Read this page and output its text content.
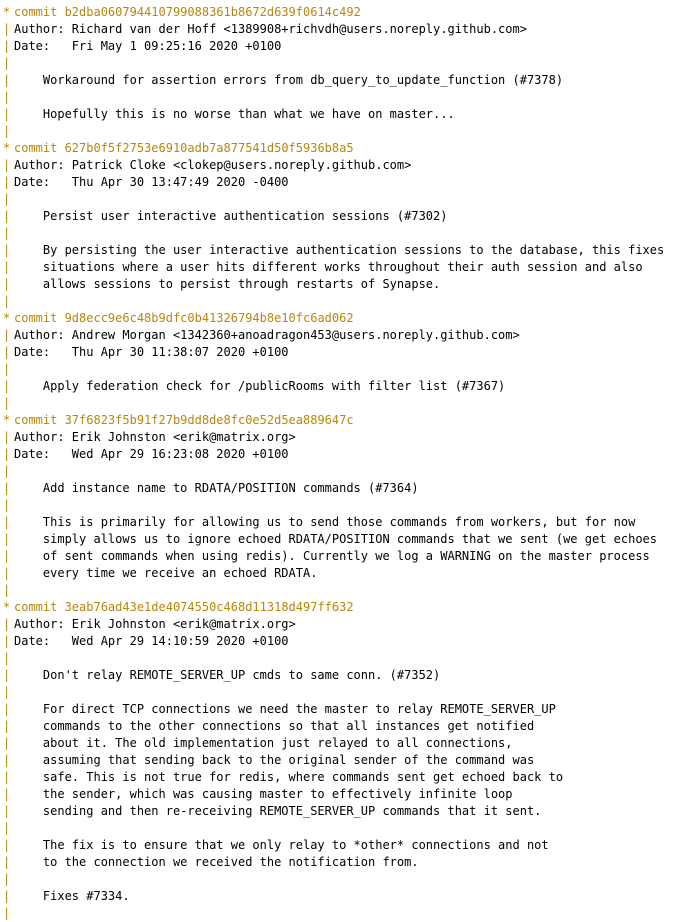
* commit b2dba060794410799088361b8672d639f0614c492
| Author: Richard van der Hoff <1389908+richvdh@users.noreply.github.com>
| Date:   Fri May 1 09:25:16 2020 +0100
|
| Workaround for assertion errors from db_query_to_update_function (#7378)
|
| Hopefully this is no worse than what we have on master...
|
* commit 627b0f5f2753e6910adb7a877541d50f5936b8a5
| Author: Patrick Cloke <clokep@users.noreply.github.com>
| Date:   Thu Apr 30 13:47:49 2020 -0400
|
| Persist user interactive authentication sessions (#7302)
|
| By persisting the user interactive authentication sessions to the database, this fixes
| situations where a user hits different works throughout their auth session and also
| allows sessions to persist through restarts of Synapse.
|
* commit 9d8ecc9e6c48b9dfc0b41326794b8e10fc6ad062
| Author: Andrew Morgan <1342360+anoadragon453@users.noreply.github.com>
| Date:   Thu Apr 30 11:38:07 2020 +0100
|
| Apply federation check for /publicRooms with filter list (#7367)
|
* commit 37f6823f5b91f27b9dd8de8fc0e52d5ea889647c
| Author: Erik Johnston <erik@matrix.org>
| Date:   Wed Apr 29 16:23:08 2020 +0100
|
| Add instance name to RDATA/POSITION commands (#7364)
|
| This is primarily for allowing us to send those commands from workers, but for now
| simply allows us to ignore echoed RDATA/POSITION commands that we sent (we get echoes
| of sent commands when using redis). Currently we log a WARNING on the master process
| every time we receive an echoed RDATA.
|
* commit 3eab76ad43e1de4074550c468d11318d497ff632
| Author: Erik Johnston <erik@matrix.org>
| Date:   Wed Apr 29 14:10:59 2020 +0100
|
| Don't relay REMOTE_SERVER_UP cmds to same conn. (#7352)
|
| For direct TCP connections we need the master to relay REMOTE_SERVER_UP
| commands to the other connections so that all instances get notified
| about it. The old implementation just relayed to all connections,
| assuming that sending back to the original sender of the command was
| safe. This is not true for redis, where commands sent get echoed back to
| the sender, which was causing master to effectively infinite loop
| sending and then re-receiving REMOTE_SERVER_UP commands that it sent.
|
| The fix is to ensure that we only relay to *other* connections and not
| to the connection we received the notification from.
|
| Fixes #7334.
|
